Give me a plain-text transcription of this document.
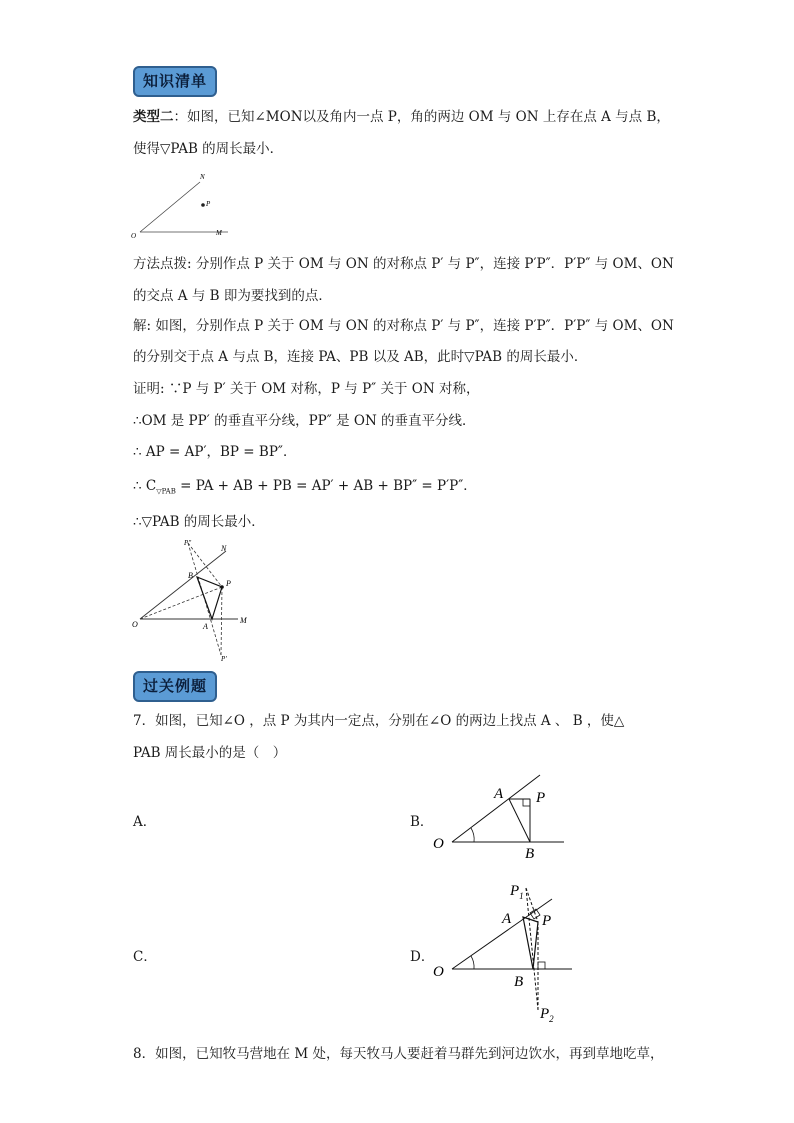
知识清单
类型二：如图，已知∠MON以及角内一点 P，角的两边 OM 与 ON 上存在点 A 与点 B，
使得▽PAB 的周长最小．
N
P
O	M
方法点拨: 分别作点 P 关于 OM 与 ON 的对称点 P′ 与 P″，连接 P′P″．P′P″ 与 OM、ON
的交点 A 与 B 即为要找到的点．
解: 如图，分别作点 P 关于 OM 与 ON 的对称点 P′ 与 P″，连接 P′P″．P′P″ 与 OM、ON
的分别交于点 A 与点 B，连接 PA、PB 以及 AB，此时▽PAB 的周长最小．
证明: ∵P 与 P′ 关于 OM 对称，P 与 P″ 关于 ON 对称，
∴OM 是 PP′ 的垂直平分线，PP″ 是 ON 的垂直平分线．
∴ AP = AP′，BP = BP″．
∴ $C_{▽PAB}$ = PA + AB + PB = AP′ + AB + BP″ = P′P″．
∴▽PAB 的周长最小．
P″
N
B
P
O	A
M
P′
过关例题
7．如图，已知∠O ，点 P 为其内一定点，分别在∠O 的两边上找点 A 、 B ，使△
PAB 周长最小的是（　）
A．	B．
C．	D．
A P
O
B
$P_1$
A P
O
B
$P_2$
8．如图，已知牧马营地在 M 处，每天牧马人要赶着马群先到河边饮水，再到草地吃草，
